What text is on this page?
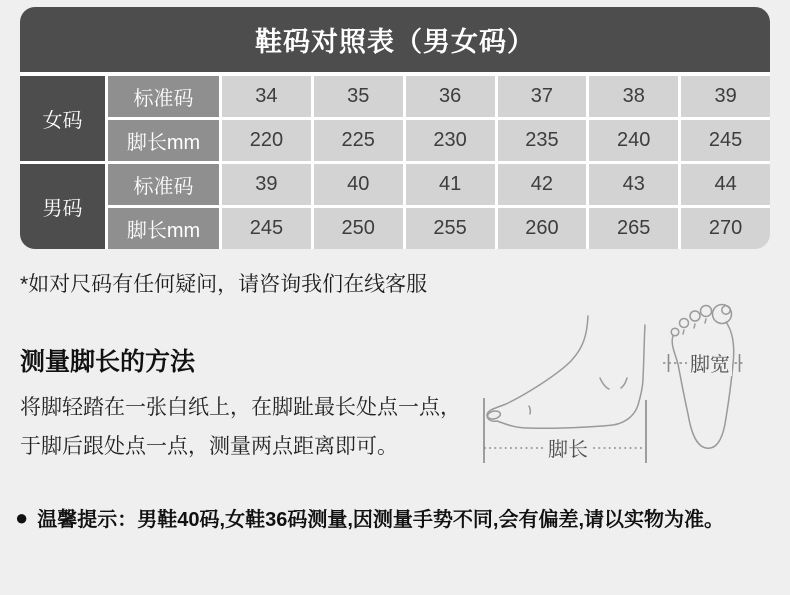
鞋码对照表（男女码）
女码
标准码	34	35	36	37	38	39
脚长mm	220	225	230	235	240	245
男码
标准码	39	40	41	42	43	44
脚长mm	245	250	255	260	265	270
*如对尺码有任何疑问，请咨询我们在线客服
测量脚长的方法
将脚轻踏在一张白纸上，在脚趾最长处点一点，
于脚后跟处点一点，测量两点距离即可。	脚长
脚宽
● 温馨提示：男鞋40码,女鞋36码测量,因测量手势不同,会有偏差,请以实物为准。
